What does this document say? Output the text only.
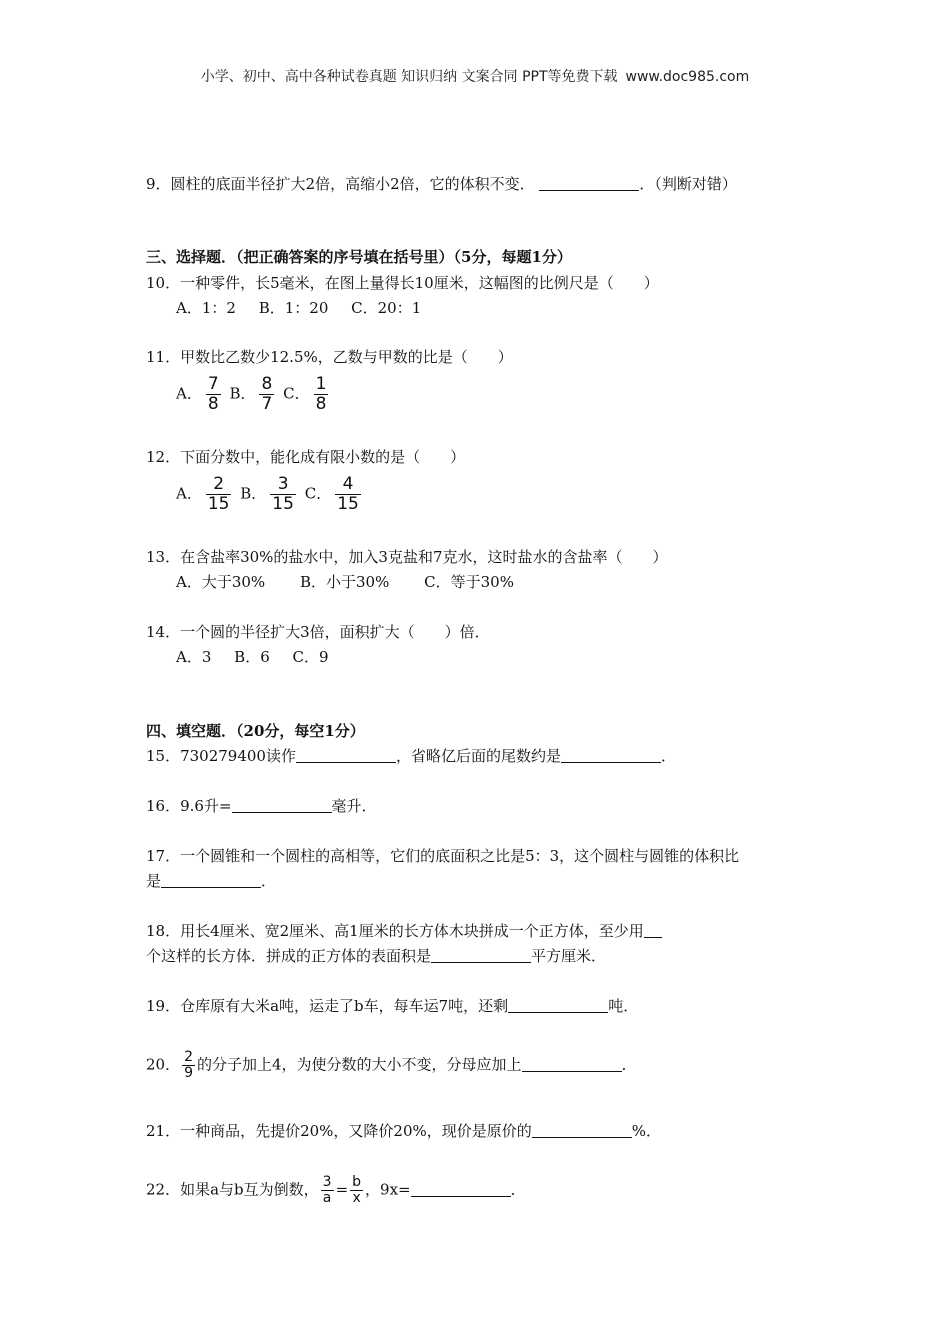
小学、初中、高中各种试卷真题 知识归纳 文案合同 PPT等免费下载 www.doc985.com
9．圆柱的底面半径扩大2倍，高缩小2倍，它的体积不变．	．（判断对错）
三、选择题．（把正确答案的序号填在括号里）（5分，每题1分）
10．一种零件，长5毫米，在图上量得长10厘米，这幅图的比例尺是（　　）
A．1：2 B．1：20 C．20：1
11．甲数比乙数少12.5%，乙数与甲数的比是（　　）
A． $\frac{7}{8}$ B． $\frac{8}{7}$ C． $\frac{1}{8}$
12．下面分数中，能化成有限小数的是（　　）
A． $\frac{2}{15}$ B． $\frac{3}{15}$ C． $\frac{4}{15}$
13．在含盐率30%的盐水中，加入3克盐和7克水，这时盐水的含盐率（　　）
A．大于30% B．小于30% C．等于30%
14．一个圆的半径扩大3倍，面积扩大（　　）倍．
A．3 B．6 C．9
四、填空题．（20分，每空1分）
15．730279400读作	，省略亿后面的尾数约是	．
16．9.6升=	毫升．
17．一个圆锥和一个圆柱的高相等，它们的底面积之比是5：3，这个圆柱与圆锥的体积比
是	．
18．用长4厘米、宽2厘米、高1厘米的长方体木块拼成一个正方体，至少用
个这样的长方体．拼成的正方体的表面积是	平方厘米．
19．仓库原有大米a吨，运走了b车，每车运7吨，还剩	吨．
20． $\frac{2}{9}$ 的分子加上4，为使分数的大小不变，分母应加上	．
21．一种商品，先提价20%，又降价20%，现价是原价的	%．
22．如果a与b互为倒数， $\frac{3}{a} = \frac{b}{x}$ ，9x=	．
